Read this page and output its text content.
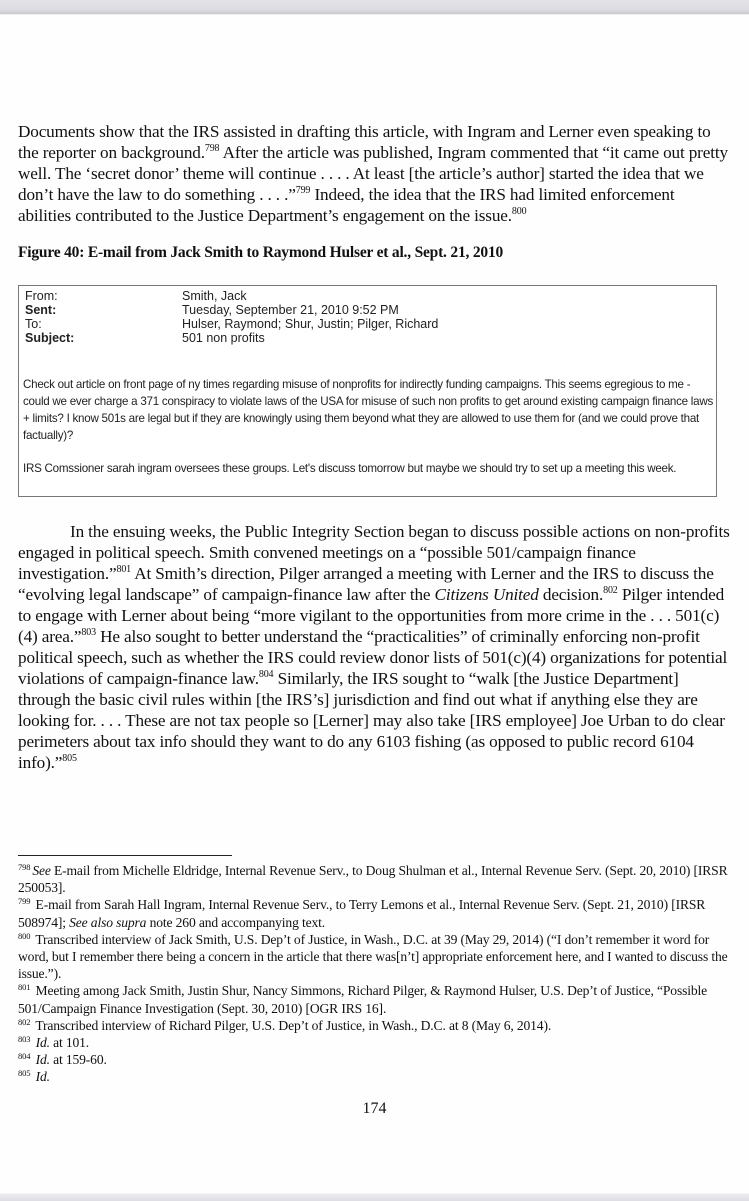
Documents show that the IRS assisted in drafting this article, with Ingram and Lerner even speaking to the reporter on background.$^{798}$ After the article was published, Ingram commented that “it came out pretty well. The ‘secret donor’ theme will continue . . . . At least [the article’s author] started the idea that we don’t have the law to do something . . . .”$^{799}$ Indeed, the idea that the IRS had limited enforcement abilities contributed to the Justice Department’s engagement on the issue.$^{800}$

Figure 40: E-mail from Jack Smith to Raymond Hulser et al., Sept. 21, 2010

From:	Smith, Jack
Sent:	Tuesday, September 21, 2010 9:52 PM
To:	Hulser, Raymond; Shur, Justin; Pilger, Richard
Subject:	501 non profits

Check out article on front page of ny times regarding misuse of nonprofits for indirectly funding campaigns. This seems egregious to me - could we ever charge a 371 conspiracy to violate laws of the USA for misuse of such non profits to get around existing campaign finance laws + limits? I know 501s are legal but if they are knowingly using them beyond what they are allowed to use them for (and we could prove that factually)?

IRS Comssioner sarah ingram oversees these groups. Let's discuss tomorrow but maybe we should try to set up a meeting this week.

In the ensuing weeks, the Public Integrity Section began to discuss possible actions on non-profits engaged in political speech. Smith convened meetings on a “possible 501/campaign finance investigation.”$^{801}$ At Smith’s direction, Pilger arranged a meeting with Lerner and the IRS to discuss the “evolving legal landscape” of campaign-finance law after the Citizens United decision.$^{802}$ Pilger intended to engage with Lerner about being “more vigilant to the opportunities from more crime in the . . . 501(c)(4) area.”$^{803}$ He also sought to better understand the “practicalities” of criminally enforcing non-profit political speech, such as whether the IRS could review donor lists of 501(c)(4) organizations for potential violations of campaign-finance law.$^{804}$ Similarly, the IRS sought to “walk [the Justice Department] through the basic civil rules within [the IRS’s] jurisdiction and find out what if anything else they are looking for. . . . These are not tax people so [Lerner] may also take [IRS employee] Joe Urban to do clear perimeters about tax info should they want to do any 6103 fishing (as opposed to public record 6104 info).”$^{805}$

$^{798}$ See E-mail from Michelle Eldridge, Internal Revenue Serv., to Doug Shulman et al., Internal Revenue Serv. (Sept. 20, 2010) [IRSR 250053].

$^{799}$ E-mail from Sarah Hall Ingram, Internal Revenue Serv., to Terry Lemons et al., Internal Revenue Serv. (Sept. 21, 2010) [IRSR 508974]; See also supra note 260 and accompanying text.

$^{800}$ Transcribed interview of Jack Smith, U.S. Dep’t of Justice, in Wash., D.C. at 39 (May 29, 2014) (“I don’t remember it word for word, but I remember there being a concern in the article that there was[n’t] appropriate enforcement here, and I wanted to discuss the issue.”).

$^{801}$ Meeting among Jack Smith, Justin Shur, Nancy Simmons, Richard Pilger, & Raymond Hulser, U.S. Dep’t of Justice, “Possible 501/Campaign Finance Investigation (Sept. 30, 2010) [OGR IRS 16].

$^{802}$ Transcribed interview of Richard Pilger, U.S. Dep’t of Justice, in Wash., D.C. at 8 (May 6, 2014).

$^{803}$ Id. at 101.

$^{804}$ Id. at 159-60.

$^{805}$ Id.

174
